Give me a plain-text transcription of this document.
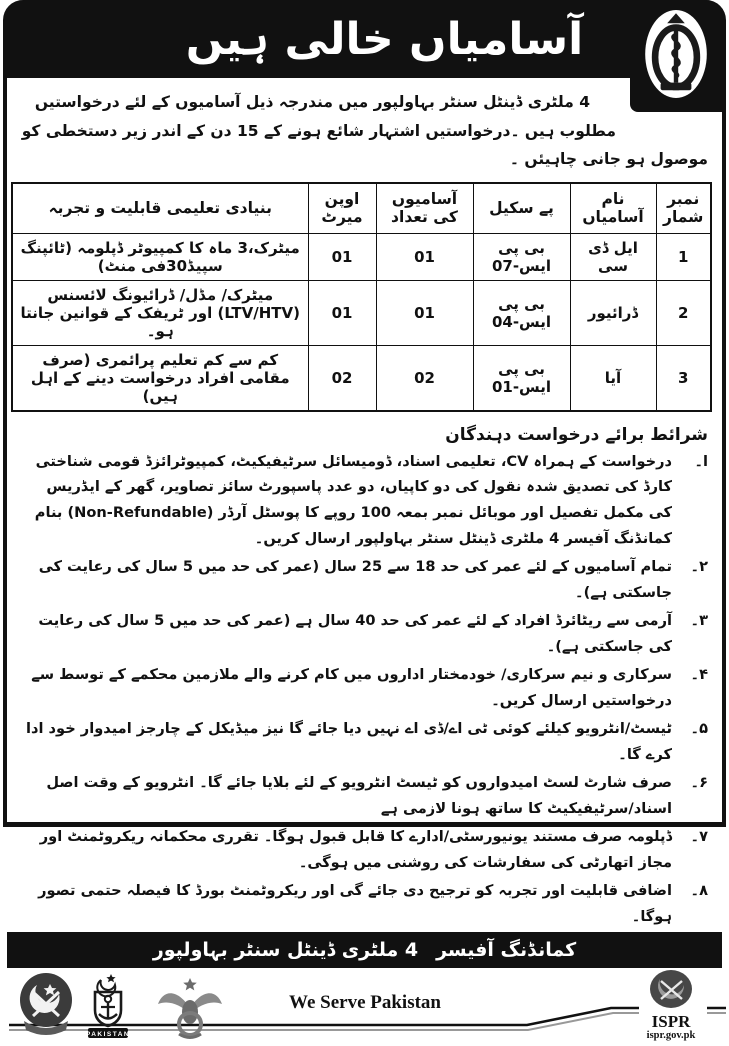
آسامیاں خالی ہیں

4 ملٹری ڈینٹل سنٹر بہاولپور میں مندرجہ ذیل آسامیوں کے لئے درخواستیں مطلوب ہیں ۔درخواستیں اشتہار شائع ہونے کے 15 دن کے اندر زیر دستخطی کو موصول ہو جانی چاہیئں ۔

نمبر شمار	نام آسامیاں	پے سکیل	آسامیوں کی تعداد	اوپن میرٹ	بنیادی تعلیمی قابلیت و تجربہ
1	ایل ڈی سی	بی پی ایس-07	01	01	میٹرک،3 ماہ کا کمپیوٹر ڈپلومہ (ٹائپنگ سپیڈ30فی منٹ)
2	ڈرائیور	بی پی ایس-04	01	01	میٹرک/ مڈل/ ڈرائیونگ لائسنس (LTV/HTV) اور ٹریفک کے قوانین جانتا ہو۔
3	آیا	بی پی ایس-01	02	02	کم سے کم تعلیم پرائمری (صرف مقامی افراد درخواست دینے کے اہل ہیں)
شرائط برائے درخواست دہندگان
ا۔
درخواست کے ہمراہ CV، تعلیمی اسناد، ڈومیسائل سرٹیفیکیٹ، کمپیوٹرائزڈ قومی شناختی کارڈ کی تصدیق شدہ نقول کی دو کاپیاں، دو عدد پاسپورٹ سائز تصاویر، گھر کے ایڈریس کی مکمل تفصیل اور موبائل نمبر بمعہ 100 روپے کا پوسٹل آرڈر (Non-Refundable) بنام کمانڈنگ آفیسر 4 ملٹری ڈینٹل سنٹر بہاولپور ارسال کریں۔
۲۔
تمام آسامیوں کے لئے عمر کی حد 18 سے 25 سال (عمر کی حد میں 5 سال کی رعایت کی جاسکتی ہے)۔
۳۔
آرمی سے ریٹائرڈ افراد کے لئے عمر کی حد 40 سال ہے (عمر کی حد میں 5 سال کی رعایت کی جاسکتی ہے)۔
۴۔
سرکاری و نیم سرکاری/ خودمختار اداروں میں کام کرنے والے ملازمین محکمے کے توسط سے درخواستیں ارسال کریں۔
۵۔
ٹیسٹ/انٹرویو کیلئے کوئی ٹی اے/ڈی اے نہیں دیا جائے گا نیز میڈیکل کے چارجز امیدوار خود ادا کرے گا۔
۶۔
صرف شارٹ لسٹ امیدواروں کو ٹیسٹ انٹرویو کے لئے بلایا جائے گا۔ انٹرویو کے وقت اصل اسناد/سرٹیفیکیٹ کا ساتھ ہونا لازمی ہے
۷۔
ڈپلومہ صرف مستند یونیورسٹی/ادارے کا قابل قبول ہوگا۔ تقرری محکمانہ ریکروٹمنٹ اور مجاز اتھارٹی کی سفارشات کی روشنی میں ہوگی۔
۸۔
اضافی قابلیت اور تجربہ کو ترجیح دی جائے گی اور ریکروٹمنٹ بورڈ کا فیصلہ حتمی تصور ہوگا۔
کمانڈنگ آفیسر
4 ملٹری ڈینٹل سنٹر بہاولپور
PAKISTAN
We Serve Pakistan
ISPR
ispr.gov.pk
